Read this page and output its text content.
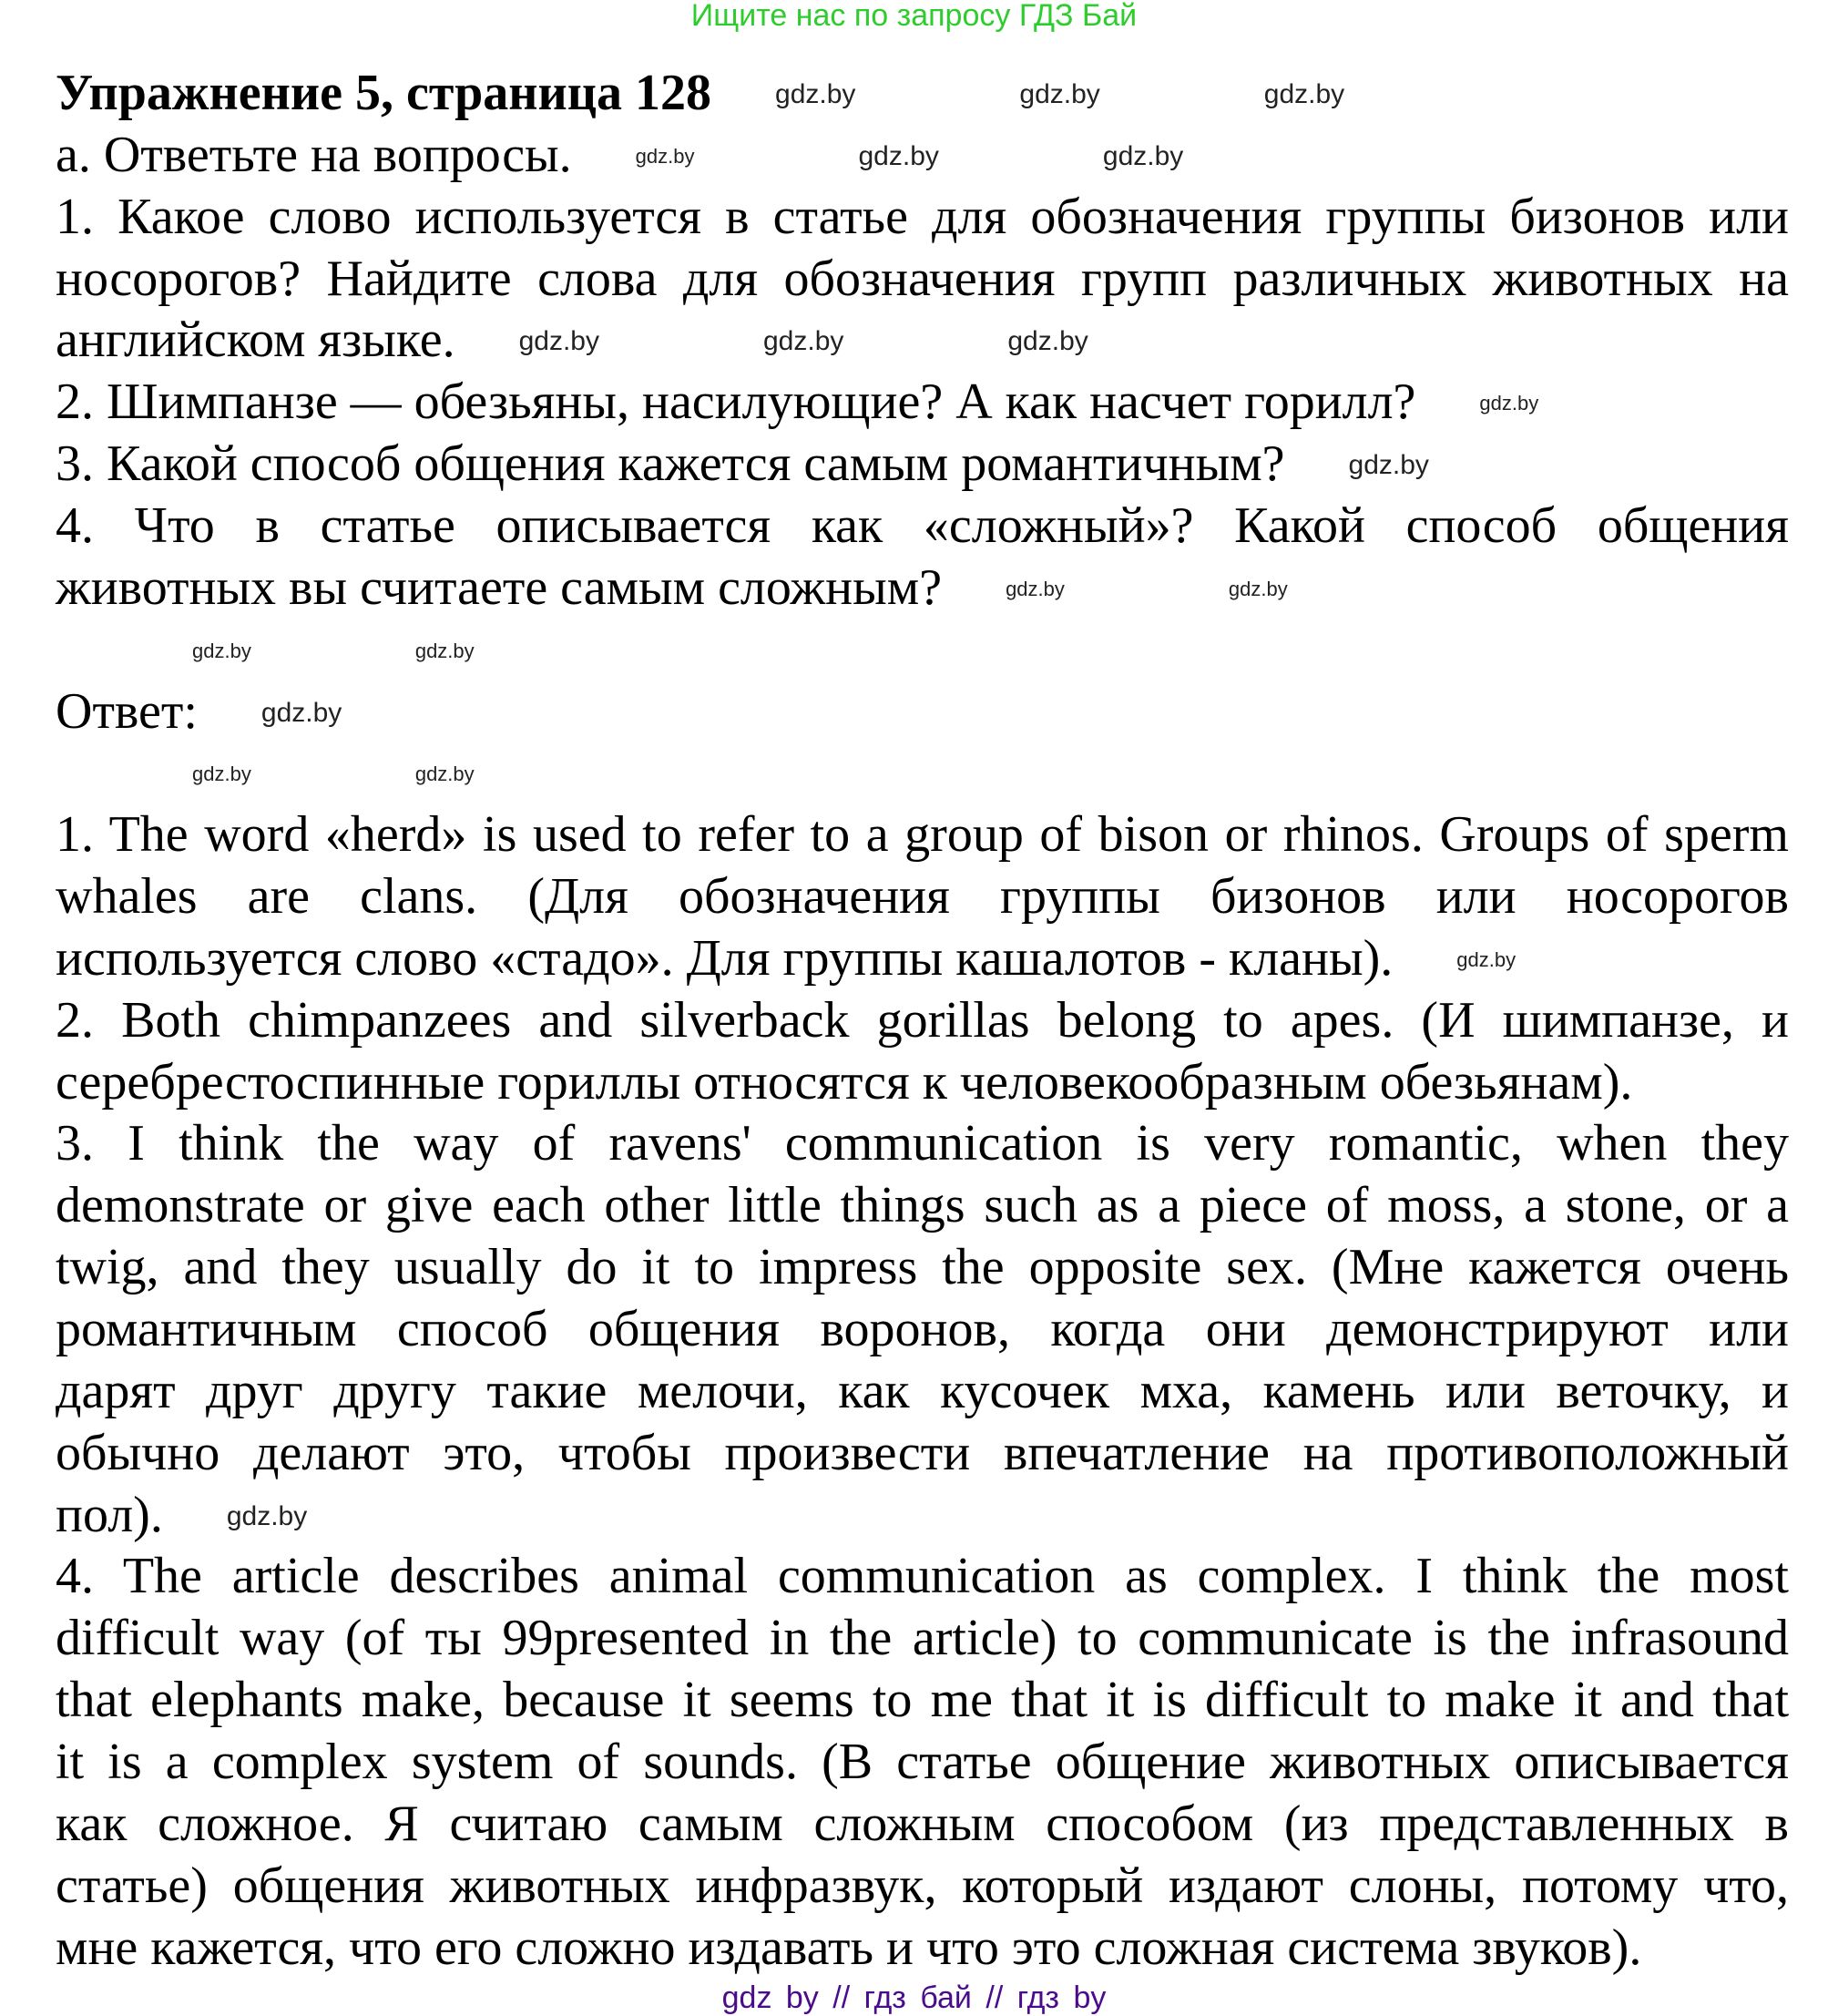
Ищите нас по запросу ГДЗ Бай
Упражнение 5, страница 128
а. Ответьте на вопросы.
1. Какое слово используется в статье для обозначения группы бизонов или
носорогов? Найдите слова для обозначения групп различных животных на
английском языке.
2. Шимпанзе — обезьяны, насилующие? А как насчет горилл?
3. Какой способ общения кажется самым романтичным?
4. Что в статье описывается как «сложный»? Какой способ общения
животных вы считаете самым сложным?
Ответ:
1. The word «herd» is used to refer to a group of bison or rhinos. Groups of sperm
whales are clans. (Для обозначения группы бизонов или носорогов
используется слово «стадо». Для группы кашалотов - кланы).
2. Both chimpanzees and silverback gorillas belong to apes. (И шимпанзе, и
серебрестоспинные гориллы относятся к человекообразным обезьянам).
3. I think the way of ravens' communication is very romantic, when they
demonstrate or give each other little things such as a piece of moss, a stone, or a
twig, and they usually do it to impress the opposite sex. (Мне кажется очень
романтичным способ общения воронов, когда они демонстрируют или
дарят друг другу такие мелочи, как кусочек мха, камень или веточку, и
обычно делают это, чтобы произвести впечатление на противоположный
пол).
4. The article describes animal communication as complex. I think the most
difficult way (of ты 99presented in the article) to communicate is the infrasound
that elephants make, because it seems to me that it is difficult to make it and that
it is a complex system of sounds. (В статье общение животных описывается
как сложное. Я считаю самым сложным способом (из представленных в
статье) общения животных инфразвук, который издают слоны, потому что,
мне кажется, что его сложно издавать и что это сложная система звуков).
gdz.by	gdz.by	gdz.by
gdz.by	gdz.by	gdz.by
gdz.by	gdz.by	gdz.by
gdz.by
gdz.by
gdz.by	gdz.by
gdz.by	gdz.by
gdz.by
gdz.by	gdz.by
gdz.by
gdz.by
gdz by // гдз бай // гдз by
